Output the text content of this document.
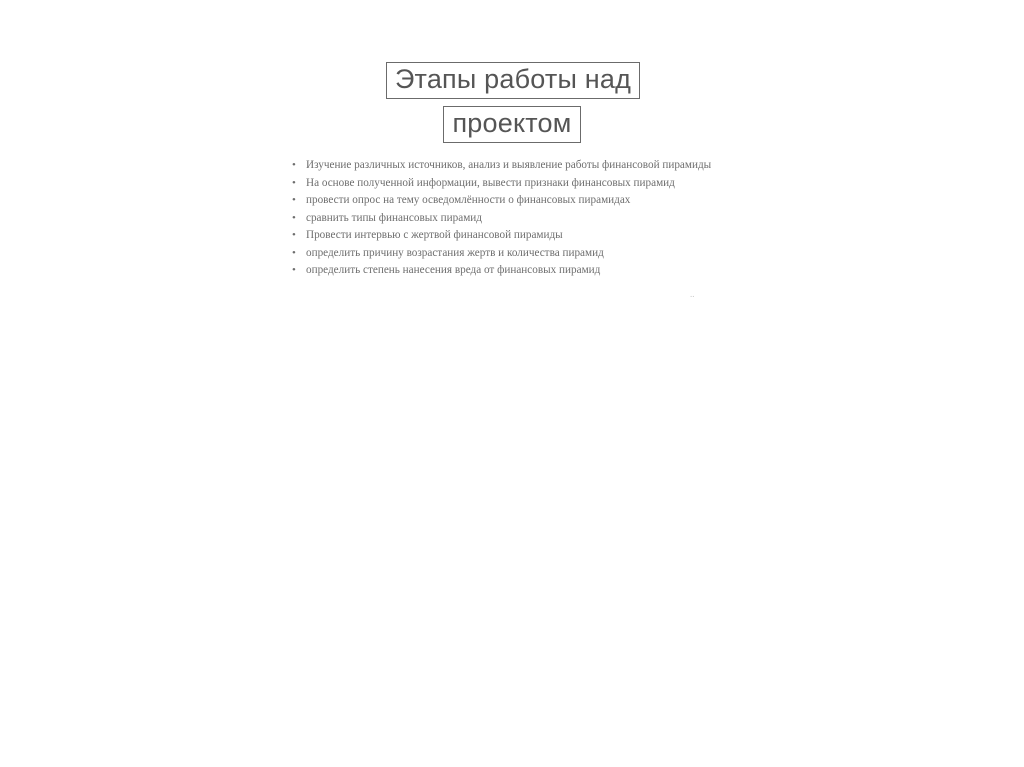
Этапы работы над
проектом
• Изучение различных источников, анализ и выявление работы финансовой пирамиды
• На основе полученной информации, вывести признаки финансовых пирамид
• провести опрос на тему осведомлённости о финансовых пирамидах
• сравнить типы финансовых пирамид
• Провести интервью с жертвой финансовой пирамиды
• определить причину возрастания жертв и количества пирамид
• определить степень нанесения вреда от финансовых пирамид
..
